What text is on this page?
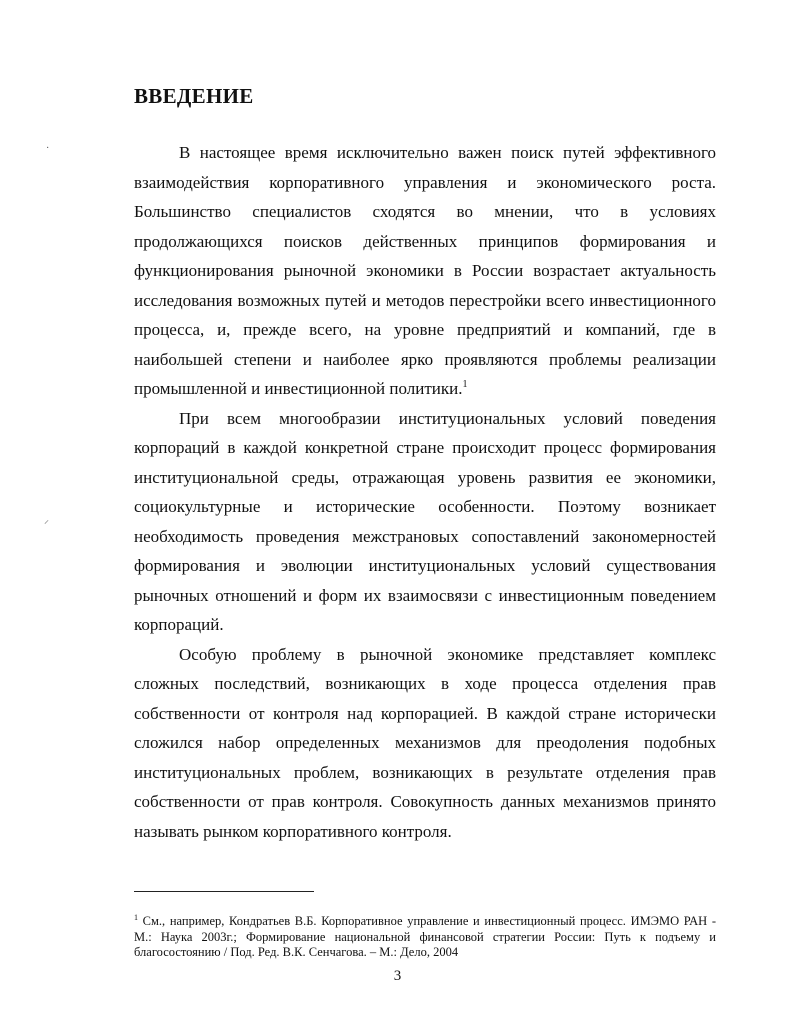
ВВЕДЕНИЕ

В настоящее время исключительно важен поиск путей эффективного взаимодействия корпоративного управления и экономического роста. Большинство специалистов сходятся во мнении, что в условиях продолжающихся поисков действенных принципов формирования и функционирования рыночной экономики в России возрастает актуальность исследования возможных путей и методов перестройки всего инвестиционного процесса, и, прежде всего, на уровне предприятий и компаний, где в наибольшей степени и наиболее ярко проявляются проблемы реализации промышленной и инвестиционной политики.$^1$

При всем многообразии институциональных условий поведения корпораций в каждой конкретной стране происходит процесс формирования институциональной среды, отражающая уровень развития ее экономики, социокультурные и исторические особенности. Поэтому возникает необходимость проведения межстрановых сопоставлений закономерностей формирования и эволюции институциональных условий существования рыночных отношений и форм их взаимосвязи с инвестиционным поведением корпораций.

Особую проблему в рыночной экономике представляет комплекс сложных последствий, возникающих в ходе процесса отделения прав собственности от контроля над корпорацией. В каждой стране исторически сложился набор определенных механизмов для преодоления подобных институциональных проблем, возникающих в результате отделения прав собственности от прав контроля. Совокупность данных механизмов принято называть рынком корпоративного контроля.

$^1$ См., например, Кондратьев В.Б. Корпоративное управление и инвестиционный процесс. ИМЭМО РАН - М.: Наука 2003г.; Формирование национальной финансовой стратегии России: Путь к подъему и благосостоянию / Под. Ред. В.К. Сенчагова. – М.: Дело, 2004

3
·
⸝
